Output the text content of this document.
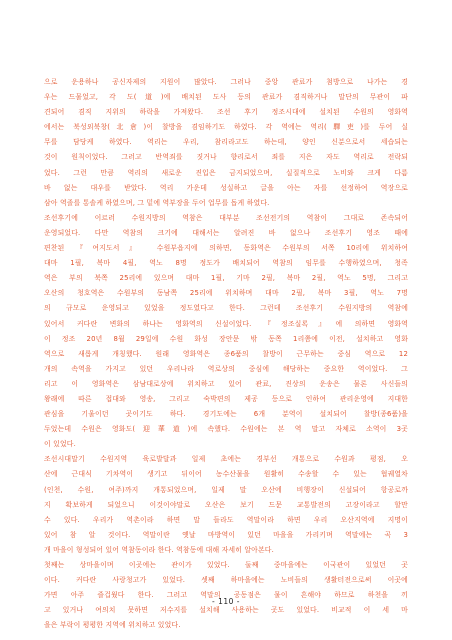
으로 운용하나 공신자제의 지원이 많았다. 그러나 중앙 관료가 첨방으로 나가는 경
우는 드물었고, 각 도(道)에 배치된 도사 등의 관료가 겸직하거나 말단의 무관이 파
견되어 겸직 지위의 하락을 가져왔다. 조선 후기 정조시대에 설치된 수원의 영화역
에서는 북성외북창(北倉)이 찰방을 겸임하기도 하였다. 각 역에는 역리(驛吏)를 두어 실
무를 담당케 하였다. 역리는 우리, 참리라고도 하는데, 양인 신분으로서 세습되는
것이 원칙이었다. 그러고 반역죄를 짓거나 향리로서 죄를 지은 자도 역리로 전락되
었다. 그런 만큼 역리의 새로운 진입은 금지되었으며, 실질적으로 노비와 크게 다름
바 없는 대우를 받았다. 역리 가운데 성실하고 글을 아는 자를 선정하여 역장으로
삼아 역졸를 통솔케 하였으며, 그 밑에 역부장을 두어 업무를 돕게 하였다.
조선후기에 이르러 수원지방의 역참은 대부분 조선전기의 역참이 그대로 존속되어
운영되었다. 다만 역참의 크기에 대해서는 알려진 바 없으나 조선후기 영조 때에
편찬된 『여지도서』 수원부읍지에 의하면, 동화역은 수원부의 서쪽 10리에 위치하여
대마 1필, 복마 4필, 역노 8명 정도가 배치되어 역참의 임무를 수행하였으며, 청족
역은 부의 북쪽 25리에 있으며 대마 1필, 기마 2필, 복마 2필, 역노 5명, 그리고
오산의 청호역은 수원부의 동남쪽 25리에 위치하며 대마 2필, 복마 3필, 역노 7명
의 규모로 운영되고 있었을 정도였다고 한다. 그런데 조선후기 수원지방의 역참에
있어서 커다란 변화의 하나는 영화역의 신설이었다. 『정조실록』에 의하면 영화역
이 정조 20년 8월 29일에 수원 화성 장안문 밖 동쪽 1리쯤에 이전, 설치하고 영화
역으로 새롭게 개칭했다. 원래 영화역은 종6품의 찰방이 근무하는 중심 역으로 12
개의 속역을 가지고 있던 우리나라 역로상의 중심에 해당하는 중요한 역이었다. 그
리고 이 영화역은 삼남대로상에 위치하고 있어 관료, 진상의 운송은 물론 사신들의
왕래에 따른 접대와 영송, 그리고 숙박편의 제공 등으로 인하여 관리운영에 지대한
관심을 기울이던 곳이기도 하다. 경기도에는 6개 분역이 설치되어 찰방(종6품)을
두었는데 수원은 영화도(迎華道)에 속했다. 수원에는 본 역 말고 자체로 소역이 3곳
이 있었다.
조선시대말기 수원지역 육로발달과 일제 초에는 경부선 개통으로 수원과 평점, 오
산에 근대식 기차역이 생기고 뒤이어 농수산물을 원활히 수송할 수 있는 협궤열차
(인천, 수원, 여주)까지 개통되었으며, 일제 말 오산에 비행장이 신설되어 항공로까
지 확보하게 되었으니 이것이야말로 오산은 보기 드문 교통발전의 고장이라고 할만
수 있다. 우리가 역촌이라 하면 말 들라도 역말이라 하면 우리 오산지역에 지명이
있어 참 알 것이다. 역말이란 옛날 마방역이 있던 마을을 가리키며 역말에는 곡 3
개 마을이 형성되어 있어 역참동이라 한다. 역참동에 대해 자세히 알아본다.
첫째는 상마을이며 이곳에는 관이가 있었다. 둘째 중마을에는 이국관이 있었던 곳
이다. 커다란 사랑청고가 있었다. 셋째 하마을에는 노비들의 생활터전으로써 이곳에
가면 아주 즐겁웠다 한다. 그러고 역말의 공동점은 물이 흔해야 하므로 하천을 끼
고 있거나 여의치 못하면 저수지를 설치해 사용하는 곳도 있었다. 비교적 이 세 마
을은 부락이 평평한 지역에 위치하고 있었다.
- 110 -
